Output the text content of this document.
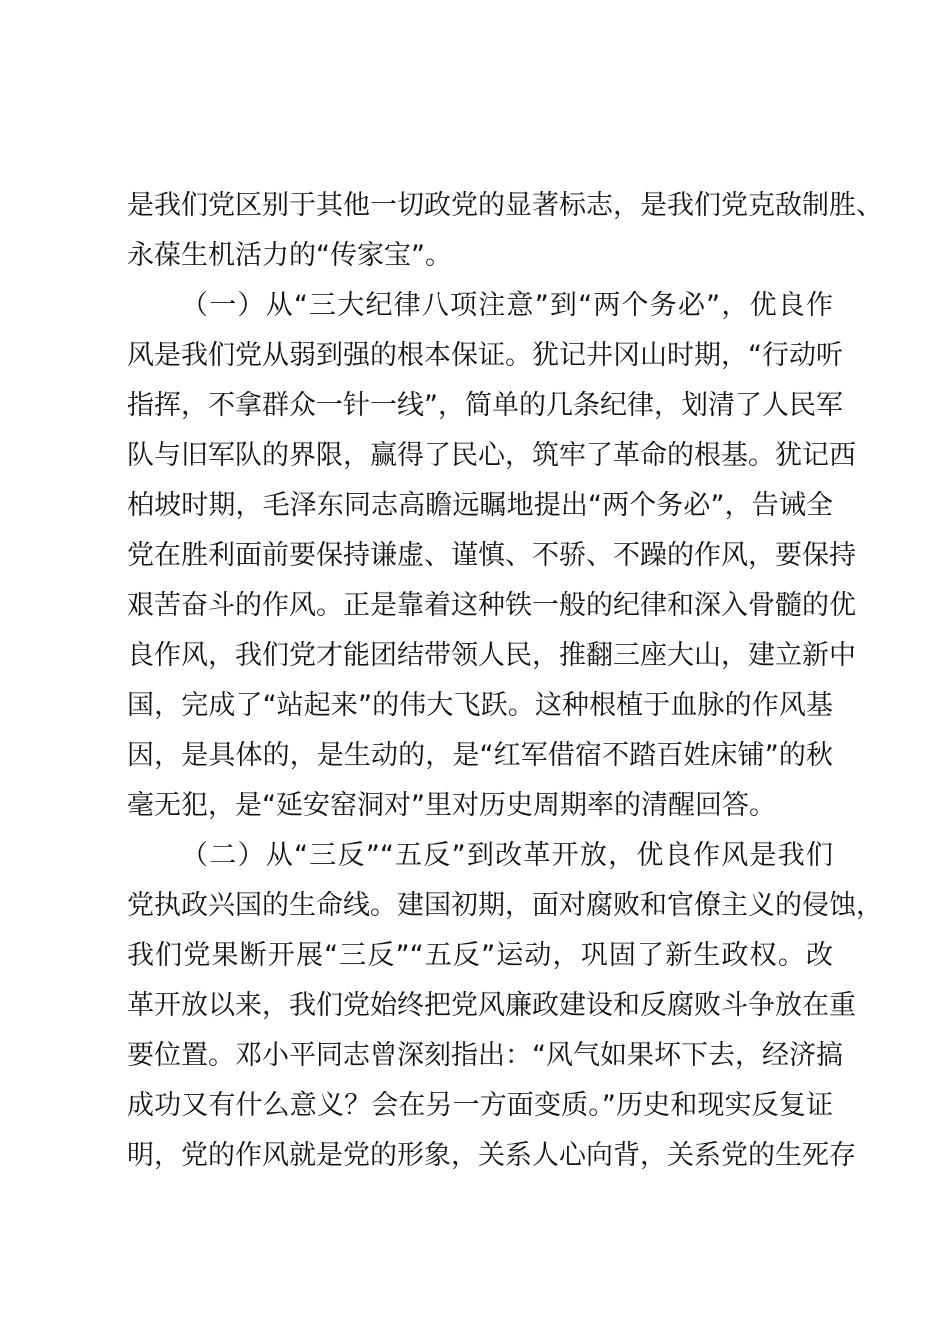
是我们党区别于其他一切政党的显著标志，是我们党克敌制胜、
永葆生机活力的“传家宝”。
（一）从“三大纪律八项注意”到“两个务必”，优良作
风是我们党从弱到强的根本保证。犹记井冈山时期，“行动听
指挥，不拿群众一针一线”，简单的几条纪律，划清了人民军
队与旧军队的界限，赢得了民心，筑牢了革命的根基。犹记西
柏坡时期，毛泽东同志高瞻远瞩地提出“两个务必”，告诫全
党在胜利面前要保持谦虚、谨慎、不骄、不躁的作风，要保持
艰苦奋斗的作风。正是靠着这种铁一般的纪律和深入骨髓的优
良作风，我们党才能团结带领人民，推翻三座大山，建立新中
国，完成了“站起来”的伟大飞跃。这种根植于血脉的作风基
因，是具体的，是生动的，是“红军借宿不踏百姓床铺”的秋
毫无犯，是“延安窑洞对”里对历史周期率的清醒回答。
（二）从“三反”“五反”到改革开放，优良作风是我们
党执政兴国的生命线。建国初期，面对腐败和官僚主义的侵蚀，
我们党果断开展“三反”“五反”运动，巩固了新生政权。改
革开放以来，我们党始终把党风廉政建设和反腐败斗争放在重
要位置。邓小平同志曾深刻指出：“风气如果坏下去，经济搞
成功又有什么意义？会在另一方面变质。”历史和现实反复证
明，党的作风就是党的形象，关系人心向背，关系党的生死存
